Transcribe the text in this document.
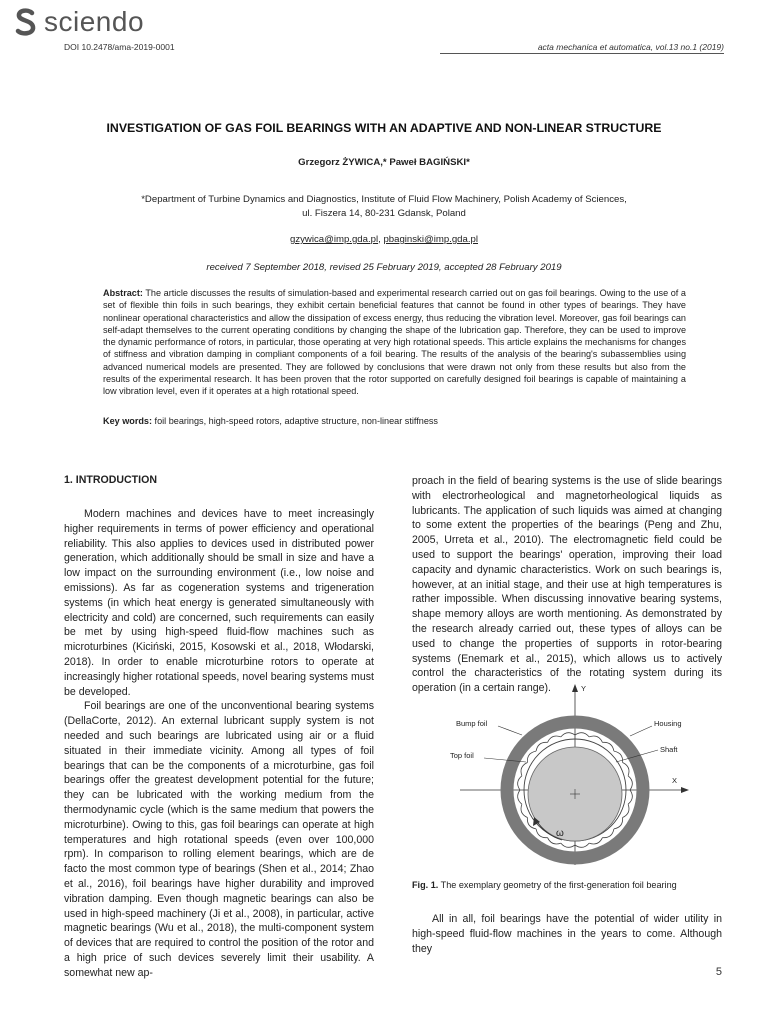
sciendo
DOI 10.2478/ama-2019-0001	acta mechanica et automatica, vol.13 no.1 (2019)
INVESTIGATION OF GAS FOIL BEARINGS WITH AN ADAPTIVE AND NON-LINEAR STRUCTURE
Grzegorz ŻYWICA,* Paweł BAGIŃSKI*
*Department of Turbine Dynamics and Diagnostics, Institute of Fluid Flow Machinery, Polish Academy of Sciences,
ul. Fiszera 14, 80-231 Gdansk, Poland
gzywica@imp.gda.pl, pbaginski@imp.gda.pl
received 7 September 2018, revised 25 February 2019, accepted 28 February 2019
Abstract: The article discusses the results of simulation-based and experimental research carried out on gas foil bearings. Owing to the use of a set of flexible thin foils in such bearings, they exhibit certain beneficial features that cannot be found in other types of bearings. They have nonlinear operational characteristics and allow the dissipation of excess energy, thus reducing the vibration level. Moreover, gas foil bearings can self-adapt themselves to the current operating conditions by changing the shape of the lubrication gap. Therefore, they can be used to improve the dynamic performance of rotors, in particular, those operating at very high rotational speeds. This article explains the mechanisms for changes of stiffness and vibration damping in compliant components of a foil bearing. The results of the analysis of the bearing's subassemblies using advanced numerical models are presented. They are followed by conclusions that were drawn not only from these results but also from the results of the experimental research. It has been proven that the rotor supported on carefully designed foil bearings is capable of maintaining a low vibration level, even if it operates at a high rotational speed.
Key words: foil bearings, high-speed rotors, adaptive structure, non-linear stiffness
1. INTRODUCTION

Modern machines and devices have to meet increasingly higher requirements in terms of power efficiency and operational reliability. This also applies to devices used in distributed power generation, which additionally should be small in size and have a low impact on the surrounding environment (i.e., low noise and emissions). As far as cogeneration systems and trigeneration systems (in which heat energy is generated simultaneously with electricity and cold) are concerned, such requirements can easily be met by using high-speed fluid-flow machines such as microturbines (Kiciński, 2015, Kosowski et al., 2018, Włodarski, 2018). In order to enable microturbine rotors to operate at increasingly higher rotational speeds, novel bearing systems must be developed.

Foil bearings are one of the unconventional bearing systems (DellaCorte, 2012). An external lubricant supply system is not needed and such bearings are lubricated using air or a fluid situated in their immediate vicinity. Among all types of foil bearings that can be the components of a microturbine, gas foil bearings offer the greatest development potential for the future; they can be lubricated with the working medium from the thermodynamic cycle (which is the same medium that powers the microturbine). Owing to this, gas foil bearings can operate at high temperatures and high rotational speeds (even over 100,000 rpm). In comparison to rolling element bearings, which are de facto the most common type of bearings (Shen et al., 2014; Zhao et al., 2016), foil bearings have higher durability and improved vibration damping. Even though magnetic bearings can also be used in high-speed machinery (Ji et al., 2008), in particular, active magnetic bearings (Wu et al., 2018), the multi-component system of devices that are required to control the position of the rotor and a high price of such devices severely limit their usability. A somewhat new ap-

proach in the field of bearing systems is the use of slide bearings with electrorheological and magnetorheological liquids as lubricants. The application of such liquids was aimed at changing to some extent the properties of the bearings (Peng and Zhu, 2005, Urreta et al., 2010). The electromagnetic field could be used to support the bearings' operation, improving their load capacity and dynamic characteristics. Work on such bearings is, however, at an initial stage, and their use at high temperatures is rather impossible. When discussing innovative bearing systems, shape memory alloys are worth mentioning. As demonstrated by the research already carried out, these types of alloys can be used to change the properties of supports in rotor-bearing systems (Enemark et al., 2015), which allows us to actively control the characteristics of the rotating system during its operation (in a certain range).	Y
X
ω
Bump foil
Top foil
Housing
Shaft
Fig. 1. The exemplary geometry of the first-generation foil bearing

All in all, foil bearings have the potential of wider utility in high-speed fluid-flow machines in the years to come. Although they

5
